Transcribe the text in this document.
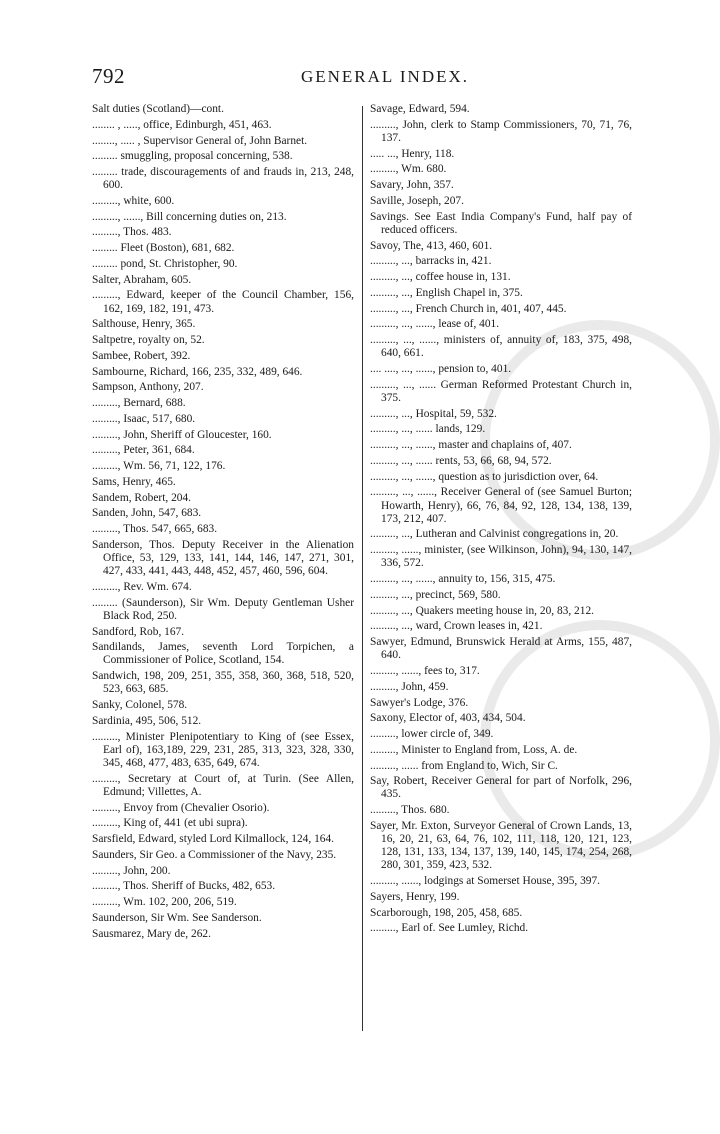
792	GENERAL INDEX.
Salt duties (Scotland)—cont.
........ , ....., office, Edinburgh, 451, 463.
........, ..... , Supervisor General of, John Barnet.
......... smuggling, proposal concerning, 538.
......... trade, discouragements of and frauds in, 213, 248, 600.
........., white, 600.
........., ......, Bill concerning duties on, 213.
........., Thos. 483.
......... Fleet (Boston), 681, 682.
......... pond, St. Christopher, 90.
Salter, Abraham, 605.
........., Edward, keeper of the Council Chamber, 156, 162, 169, 182, 191, 473.
Salthouse, Henry, 365.
Saltpetre, royalty on, 52.
Sambee, Robert, 392.
Sambourne, Richard, 166, 235, 332, 489, 646.
Sampson, Anthony, 207.
........., Bernard, 688.
........., Isaac, 517, 680.
........., John, Sheriff of Gloucester, 160.
........., Peter, 361, 684.
........., Wm. 56, 71, 122, 176.
Sams, Henry, 465.
Sandem, Robert, 204.
Sanden, John, 547, 683.
........., Thos. 547, 665, 683.
Sanderson, Thos. Deputy Receiver in the Alienation Office, 53, 129, 133, 141, 144, 146, 147, 271, 301, 427, 433, 441, 443, 448, 452, 457, 460, 596, 604.
........., Rev. Wm. 674.
......... (Saunderson), Sir Wm. Deputy Gentleman Usher Black Rod, 250.
Sandford, Rob, 167.
Sandilands, James, seventh Lord Torpichen, a Commissioner of Police, Scotland, 154.
Sandwich, 198, 209, 251, 355, 358, 360, 368, 518, 520, 523, 663, 685.
Sanky, Colonel, 578.
Sardinia, 495, 506, 512.
........., Minister Plenipotentiary to King of (see Essex, Earl of), 163,189, 229, 231, 285, 313, 323, 328, 330, 345, 468, 477, 483, 635, 649, 674.
........., Secretary at Court of, at Turin. (See Allen, Edmund; Villettes, A.
........., Envoy from (Chevalier Osorio).
........., King of, 441 (et ubi supra).
Sarsfield, Edward, styled Lord Kilmallock, 124, 164.
Saunders, Sir Geo. a Commissioner of the Navy, 235.
........., John, 200.
........., Thos. Sheriff of Bucks, 482, 653.
........., Wm. 102, 200, 206, 519.
Saunderson, Sir Wm. See Sanderson.
Sausmarez, Mary de, 262.
Savage, Edward, 594.
........., John, clerk to Stamp Commissioners, 70, 71, 76, 137.
..... ..., Henry, 118.
........., Wm. 680.
Savary, John, 357.
Saville, Joseph, 207.
Savings. See East India Company's Fund, half pay of reduced officers.
Savoy, The, 413, 460, 601.
........., ..., barracks in, 421.
........., ..., coffee house in, 131.
........., ..., English Chapel in, 375.
........., ..., French Church in, 401, 407, 445.
........., ..., ......, lease of, 401.
........., ..., ......, ministers of, annuity of, 183, 375, 498, 640, 661.
.... ...., ..., ......, pension to, 401.
........., ..., ...... German Reformed Protestant Church in, 375.
........., ..., Hospital, 59, 532.
........., ..., ...... lands, 129.
........., ..., ......, master and chaplains of, 407.
........., ..., ...... rents, 53, 66, 68, 94, 572.
........., ..., ......, question as to jurisdiction over, 64.
........., ..., ......, Receiver General of (see Samuel Burton; Howarth, Henry), 66, 76, 84, 92, 128, 134, 138, 139, 173, 212, 407.
........., ..., Lutheran and Calvinist congregations in, 20.
........., ......, minister, (see Wilkinson, John), 94, 130, 147, 336, 572.
........., ..., ......, annuity to, 156, 315, 475.
........., ..., precinct, 569, 580.
........., ..., Quakers meeting house in, 20, 83, 212.
........., ..., ward, Crown leases in, 421.
Sawyer, Edmund, Brunswick Herald at Arms, 155, 487, 640.
........., ......, fees to, 317.
........., John, 459.
Sawyer's Lodge, 376.
Saxony, Elector of, 403, 434, 504.
........., lower circle of, 349.
........., Minister to England from, Loss, A. de.
........., ...... from England to, Wich, Sir C.
Say, Robert, Receiver General for part of Norfolk, 296, 435.
........., Thos. 680.
Sayer, Mr. Exton, Surveyor General of Crown Lands, 13, 16, 20, 21, 63, 64, 76, 102, 111, 118, 120, 121, 123, 128, 131, 133, 134, 137, 139, 140, 145, 174, 254, 268, 280, 301, 359, 423, 532.
........., ......, lodgings at Somerset House, 395, 397.
Sayers, Henry, 199.
Scarborough, 198, 205, 458, 685.
........., Earl of. See Lumley, Richd.
